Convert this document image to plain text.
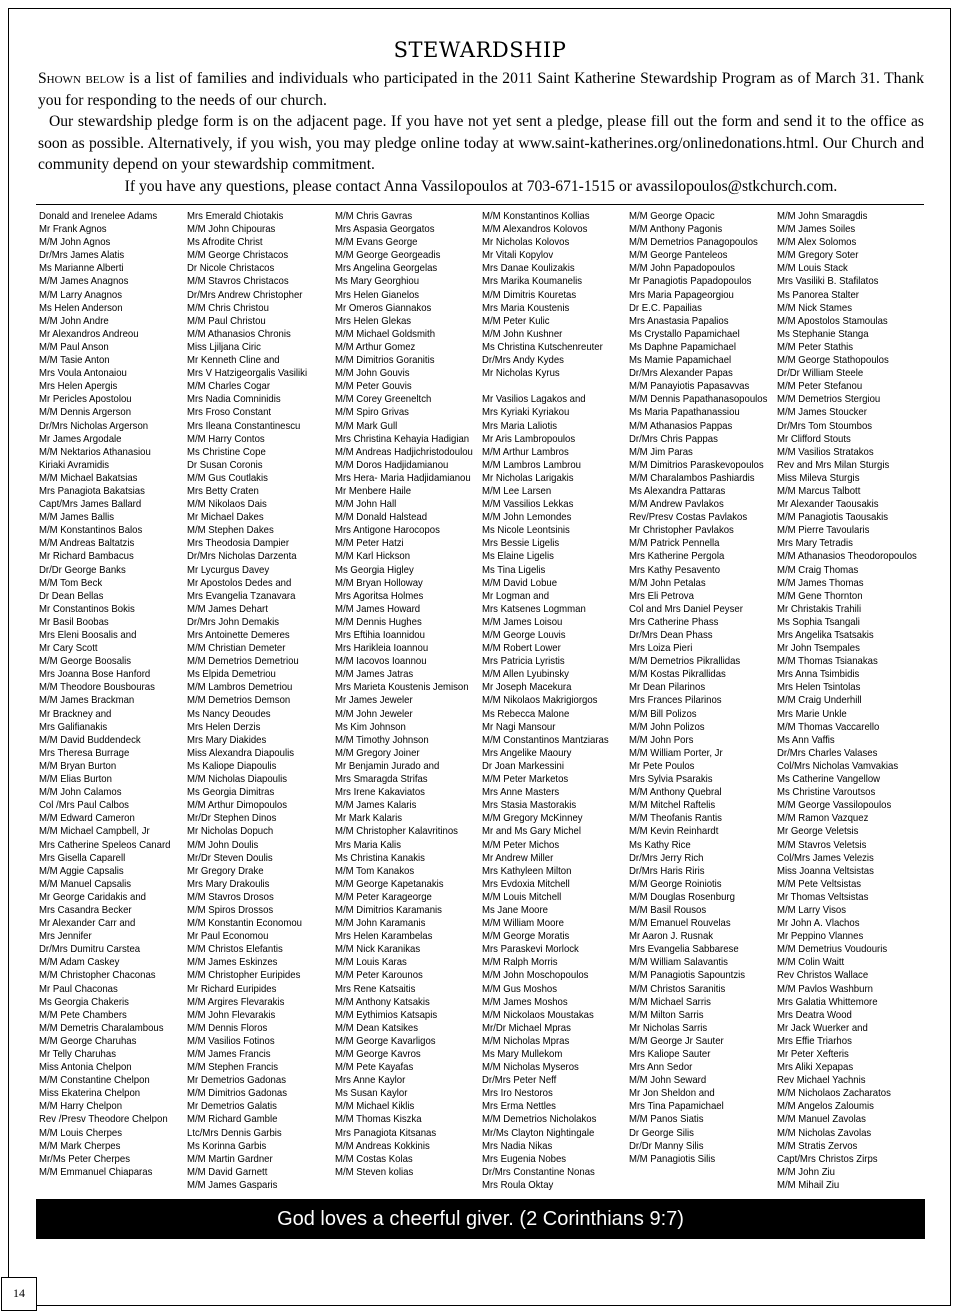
STEWARDSHIP

Shown below is a list of families and individuals who participated in the 2011 Saint Katherine Stewardship Program as of March 31. Thank you for responding to the needs of our church.

Our stewardship pledge form is on the adjacent page. If you have not yet sent a pledge, please fill out the form and send it to the office as soon as possible. Alternatively, if you wish, you may pledge online today at www.saint-katherines.org/onlinedonations.html. Our Church and community depend on your stewardship commitment.

If you have any questions, please contact Anna Vassilopoulos at 703-671-1515 or avassilopoulos@stkchurch.com.

Donald and Irenelee Adams
Mr Frank Agnos
M/M John Agnos
Dr/Mrs James Alatis
Ms Marianne Alberti
M/M James Anagnos
M/M Larry Anagnos
Ms Helen Anderson
M/M John Andre
Mr Alexandros Andreou
M/M Paul Anson
M/M Tasie Anton
Mrs Voula Antonaiou
Mrs Helen Apergis
Mr Pericles Apostolou
M/M Dennis Argerson
Dr/Mrs Nicholas Argerson
Mr James Argodale
M/M Nektarios Athanasiou
Kiriaki Avramidis
M/M Michael Bakatsias
Mrs Panagiota Bakatsias
Capt/Mrs James Ballard
M/M James Ballis
M/M Konstantinos Balos
M/M Andreas Baltatzis
Mr Richard Bambacus
Dr/Dr George Banks
M/M Tom Beck
Dr Dean Bellas
Mr Constantinos Bokis
Mr Basil Boobas
Mrs Eleni Boosalis and
Mr Cary Scott
M/M George Boosalis
Mrs Joanna Bose Hanford
M/M Theodore Bousbouras
M/M James Brackman
Mr Brackney and
Mrs Galifianakis
M/M David Buddendeck
Mrs Theresa Burrage
M/M Bryan Burton
M/M Elias Burton
M/M John Calamos
Col /Mrs Paul Calbos
M/M Edward Cameron
M/M Michael Campbell, Jr
Mrs Catherine Speleos Canard
Mrs Gisella Caparell
M/M Aggie Capsalis
M/M Manuel Capsalis
Mr George Caridakis and
Mrs Casandra Becker
Mr Alexander Carr and
Mrs Jennifer
Dr/Mrs Dumitru Carstea
M/M Adam Caskey
M/M Christopher Chaconas
Mr Paul Chaconas
Ms Georgia Chakeris
M/M Pete Chambers
M/M Demetris Charalambous
M/M George Charuhas
Mr Telly Charuhas
Miss Antonia Chelpon
M/M Constantine Chelpon
Miss Ekaterina Chelpon
M/M Harry Chelpon
Rev /Presv Theodore Chelpon
M/M Louis Cherpes
M/M Mark Cherpes
Mr/Ms Peter Cherpes
M/M Emmanuel Chiaparas
Mrs Emerald Chiotakis
M/M John Chipouras
Ms Afrodite Christ
M/M George Christacos
Dr Nicole Christacos
M/M Stavros Christacos
Dr/Mrs Andrew Christopher
M/M Chris Christou
M/M Paul Christou
M/M Athanasios Chronis
Miss Ljiljana Ciric
Mr Kenneth Cline and
Mrs V Hatzigeorgalis Vasiliki
M/M Charles Cogar
Mrs Nadia Comninidis
Mrs Froso Constant
Mrs Ileana Constantinescu
M/M Harry Contos
Ms Christine Cope
Dr Susan Coronis
M/M Gus Coutlakis
Mrs Betty Craten
M/M Nikolaos Dais
Mr Michael Dakes
M/M Stephen Dakes
Mrs Theodosia Dampier
Dr/Mrs Nicholas Darzenta
Mr Lycurgus Davey
Mr Apostolos Dedes and
Mrs Evangelia Tzanavara
M/M James Dehart
Dr/Mrs John Demakis
Mrs Antoinette Demeres
M/M Christian Demeter
M/M Demetrios Demetriou
Ms Elpida Demetriou
M/M Lambros Demetriou
M/M Demetrios Demson
Ms Nancy Deoudes
Mrs Helen Derzis
Mrs Mary Diakides
Miss Alexandra Diapoulis
Ms Kaliope Diapoulis
M/M Nicholas Diapoulis
Ms Georgia Dimitras
M/M Arthur Dimopoulos
Mr/Dr Stephen Dinos
Mr Nicholas Dopuch
M/M John Doulis
Mr/Dr Steven Doulis
Mr Gregory Drake
Mrs Mary Drakoulis
M/M Stavros Drosos
M/M Spiros Drossos
M/M Konstantin Economou
Mr Paul Economou
M/M Christos Elefantis
M/M James Eskinzes
M/M Christopher Euripides
Mr Richard Euripides
M/M Argires Flevarakis
M/M John Flevarakis
M/M Dennis Floros
M/M Vasilios Fotinos
M/M James Francis
M/M Stephen Francis
Mr Demetrios Gadonas
M/M Dimitrios Gadonas
Mr Demetrios Galatis
M/M Richard Gamble
Ltc/Mrs Dennis Garbis
Ms Korinna Garbis
M/M Martin Gardner
M/M David Garnett
M/M James Gasparis
M/M Chris Gavras
Mrs Aspasia Georgatos
M/M Evans George
M/M George Georgeadis
Mrs Angelina Georgelas
Ms Mary Georghiou
Mrs Helen Gianelos
Mr Omeros Giannakos
Mrs Helen Glekas
M/M Michael Goldsmith
M/M Arthur Gomez
M/M Dimitrios Goranitis
M/M John Gouvis
M/M Peter Gouvis
M/M Corey Greeneltch
M/M Spiro Grivas
M/M Mark Gull
Mrs Christina Kehayia Hadigian
M/M Andreas Hadjichristodoulou
M/M Doros Hadjidamianou
Mrs Hera- Maria Hadjidamianou
Mr Menbere Haile
M/M John Hall
M/M Donald Halstead
Mrs Antigone Harocopos
M/M Peter Hatzi
M/M Karl Hickson
Ms Georgia Higley
M/M Bryan Holloway
Mrs Agoritsa Holmes
M/M James Howard
M/M Dennis Hughes
Mrs Eftihia Ioannidou
Mrs Harikleia Ioannou
M/M Iacovos Ioannou
M/M James Jatras
Mrs Marieta Koustenis Jemison
Mr James Jeweler
M/M John Jeweler
Ms Kim Johnson
M/M Timothy Johnson
M/M Gregory Joiner
Mr Benjamin Jurado and
Mrs Smaragda Strifas
Mrs Irene Kakaviatos
M/M James Kalaris
Mr Mark Kalaris
M/M Christopher Kalavritinos
Mrs Maria Kalis
Ms Christina Kanakis
M/M Tom Kanakos
M/M George Kapetanakis
M/M Peter Karageorge
M/M Dimitrios Karamanis
M/M John Karamanis
Mrs Helen Karambelas
M/M Nick Karanikas
M/M Louis Karas
M/M Peter Karounos
Mrs Rene Katsaitis
M/M Anthony Katsakis
M/M Eythimios Katsapis
M/M Dean Katsikes
M/M George Kavarligos
M/M George Kavros
M/M Pete Kayafas
Mrs Anne Kaylor
Ms Susan Kaylor
M/M Michael Kiklis
M/M Thomas Kiszka
Mrs Panagiota Kitsanas
M/M Andreas Kokkinis
M/M Costas Kolas
M/M Steven kolias
M/M Konstantinos Kollias
M/M Alexandros Kolovos
Mr Nicholas Kolovos
Mr Vitali Kopylov
Mrs Danae Koulizakis
Mrs Marika Koumanelis
M/M Dimitris Kouretas
Mrs Maria Koustenis
M/M Peter Kulic
M/M John Kushner
Ms Christina Kutschenreuter
Dr/Mrs Andy Kydes
Mr Nicholas Kyrus

Mr Vasilios Lagakos and
Mrs Kyriaki Kyriakou
Mrs Maria Laliotis
Mr Aris Lambropoulos
M/M Arthur Lambros
M/M Lambros Lambrou
Mr Nicholas Larigakis
M/M Lee Larsen
M/M Vassilios Lekkas
M/M John Lemondes
Ms Nicole Leontsinis
Mrs Bessie Ligelis
Ms Elaine Ligelis
Ms Tina Ligelis
M/M David Lobue
Mr Logman and
Mrs Katsenes Logmman
M/M James Loisou
M/M George Louvis
M/M Robert Lower
Mrs Patricia Lyristis
M/M Allen Lyubinsky
Mr Joseph Macekura
M/M Nikolaos Makrigiorgos
Ms Rebecca Malone
Mr Nagi Mansour
M/M Constantinos Mantziaras
Mrs Angelike Maoury
Dr Joan Markessini
M/M Peter Marketos
Mrs Anne Masters
Mrs Stasia Mastorakis
M/M Gregory McKinney
Mr and Ms Gary Michel
M/M Peter Michos
Mr Andrew Miller
Mrs Kathyleen Milton
Mrs Evdoxia Mitchell
M/M Louis Mitchell
Ms Jane Moore
M/M William Moore
M/M George Moratis
Mrs Paraskevi Morlock
M/M Ralph Morris
M/M John Moschopoulos
M/M Gus Moshos
M/M James Moshos
M/M Nickolaos Moustakas
Mr/Dr Michael Mpras
M/M Nicholas Mpras
Ms Mary Mullekom
M/M Nicholas Myseros
Dr/Mrs Peter Neff
Mrs Iro Nestoros
Mrs Erma Nettles
M/M Demetrios Nicholakos
Mr/Ms Clayton Nightingale
Mrs Nadia Nikas
Mrs Eugenia Nobes
Dr/Mrs Constantine Nonas
Mrs Roula Oktay
M/M George Opacic
M/M Anthony Pagonis
M/M Demetrios Panagopoulos
M/M George Panteleos
M/M John Papadopoulos
Mr Panagiotis Papadopoulos
Mrs Maria Papageorgiou
Dr E.C. Papailias
Mrs Anastasia Papalios
Ms Crystallo Papamichael
Ms Daphne Papamichael
Ms Mamie Papamichael
Dr/Mrs Alexander Papas
M/M Panayiotis Papasavvas
M/M Dennis Papathanasopoulos
Ms Maria Papathanassiou
M/M Athanasios Pappas
Dr/Mrs Chris Pappas
M/M Jim Paras
M/M Dimitrios Paraskevopoulos
M/M Charalambos Pashiardis
Ms Alexandra Pattaras
M/M Andrew Pavlakos
Rev/Presv Costas Pavlakos
Mr Christopher Pavlakos
M/M Patrick Pennella
Mrs Katherine Pergola
Mrs Kathy Pesavento
M/M John Petalas
Mrs Eli Petrova
Col and Mrs Daniel Peyser
Mrs Catherine Phass
Dr/Mrs Dean Phass
Mrs Loiza Pieri
M/M Demetrios Pikrallidas
M/M Kostas Pikrallidas
Mr Dean Pilarinos
Mrs Frances Pilarinos
M/M Bill Polizos
M/M John Polizos
M/M John Pors
M/M William Porter, Jr
Mr Pete Poulos
Mrs Sylvia Psarakis
M/M Anthony Quebral
M/M Mitchel Raftelis
M/M Theofanis Rantis
M/M Kevin Reinhardt
Ms Kathy Rice
Dr/Mrs Jerry Rich
Dr/Mrs Haris Riris
M/M George Roiniotis
M/M Douglas Rosenburg
M/M Basil Rousos
M/M Emanuel Rouvelas
Mr Aaron J. Rusnak
Mrs Evangelia Sabbarese
M/M William Salavantis
M/M Panagiotis Sapountzis
M/M Christos Saranitis
M/M Michael Sarris
M/M Milton Sarris
Mr Nicholas Sarris
M/M George Jr Sauter
Mrs Kaliope Sauter
Mrs Ann Sedor
M/M John Seward
Mr Jon Sheldon and
Mrs Tina Papamichael
M/M Panos Siatis
Dr George Silis
Dr/Dr Manny Silis
M/M Panagiotis Silis
M/M John Smaragdis
M/M James Soiles
M/M Alex Solomos
M/M Gregory Soter
M/M Louis Stack
Mrs Vasiliki B. Stafilatos
Ms Panorea Stalter
M/M Nick Stames
M/M Apostolos Stamoulas
Ms Stephanie Stanga
M/M Peter Stathis
M/M George Stathopoulos
Dr/Dr William Steele
M/M Peter Stefanou
M/M Demetrios Stergiou
M/M James Stoucker
Dr/Mrs Tom Stoumbos
Mr Clifford Stouts
M/M Vasilios Stratakos
Rev and Mrs Milan Sturgis
Miss Mileva Sturgis
M/M Marcus Talbott
Mr Alexander Taousakis
M/M Panagiotis Taousakis
M/M Pierre Tavoularis
Mrs Mary Tetradis
M/M Athanasios Theodoropoulos
M/M Craig Thomas
M/M James Thomas
M/M Gene Thornton
Mr Christakis Trahili
Ms Sophia Tsangali
Mrs Angelika Tsatsakis
Mr John Tsempales
M/M Thomas Tsianakas
Mrs Anna Tsimbidis
Mrs Helen Tsintolas
M/M Craig Underhill
Mrs Marie Unkle
M/M Thomas Vaccarello
Ms Ann Vaffis
Dr/Mrs Charles Valases
Col/Mrs Nicholas Vamvakias
Ms Catherine Vangellow
Ms Christine Varoutsos
M/M George Vassilopoulos
M/M Ramon Vazquez
Mr George Veletsis
M/M Stavros Veletsis
Col/Mrs James Velezis
Miss Joanna Veltsistas
M/M Pete Veltsistas
Mr Thomas Veltsistas
M/M Larry Visos
Mr John A. Vlachos
Mr Peppino Vlannes
M/M Demetrius Voudouris
M/M Colin Waitt
Rev Christos Wallace
M/M Pavlos Washburn
Mrs Galatia Whittemore
Mrs Deatra Wood
Mr Jack Wuerker and
Mrs Effie Triarhos
Mr Peter Xefteris
Mrs Aliki Xepapas
Rev Michael Yachnis
M/M Nicholaos Zacharatos
M/M Angelos Zaloumis
M/M Manuel Zavolas
M/M Nicholas Zavolas
M/M Stratis Zervos
Capt/Mrs Christos Zirps
M/M John Ziu
M/M Mihail Ziu
God loves a cheerful giver. (2 Corinthians 9:7)
14
